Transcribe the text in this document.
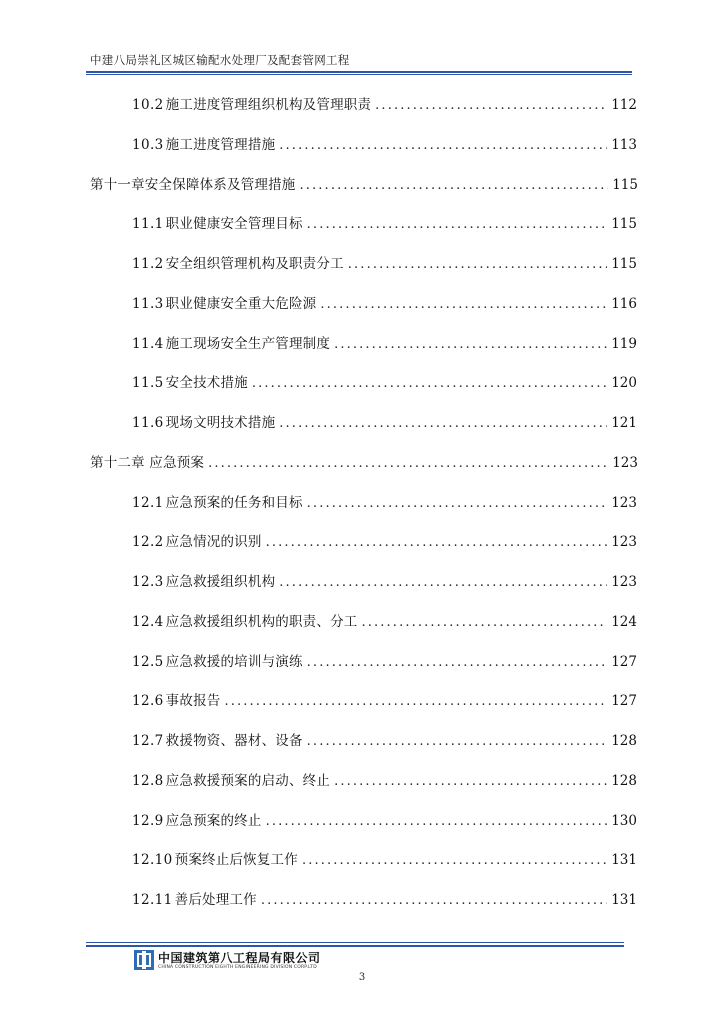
中建八局崇礼区城区输配水处理厂及配套管网工程
10.2 施工进度管理组织机构及管理职责 . . .	112
10.3 施工进度管理措施 . . .	113
第十一章安全保障体系及管理措施 . . .	115
11.1 职业健康安全管理目标 . . .	115
11.2 安全组织管理机构及职责分工 . . .	115
11.3 职业健康安全重大危险源 . . .	116
11.4 施工现场安全生产管理制度 . . .	119
11.5 安全技术措施 . . .	120
11.6 现场文明技术措施 . . .	121
第十二章 应急预案 . . .	123
12.1 应急预案的任务和目标 . . .	123
12.2 应急情况的识别 . . .	123
12.3 应急救援组织机构 . . .	123
12.4 应急救援组织机构的职责、分工 . . .	124
12.5 应急救援的培训与演练 . . .	127
12.6 事故报告 . . .	127
12.7 救援物资、器材、设备 . . .	128
12.8 应急救援预案的启动、终止 . . .	128
12.9 应急预案的终止 . . .	130
12.10 预案终止后恢复工作 . . .	131
12.11 善后处理工作 . . .	131
中国建筑第八工程局有限公司
CHINA CONSTRUCTION EIGHTH ENGINEERING DIVISION CORP.LTD
3
